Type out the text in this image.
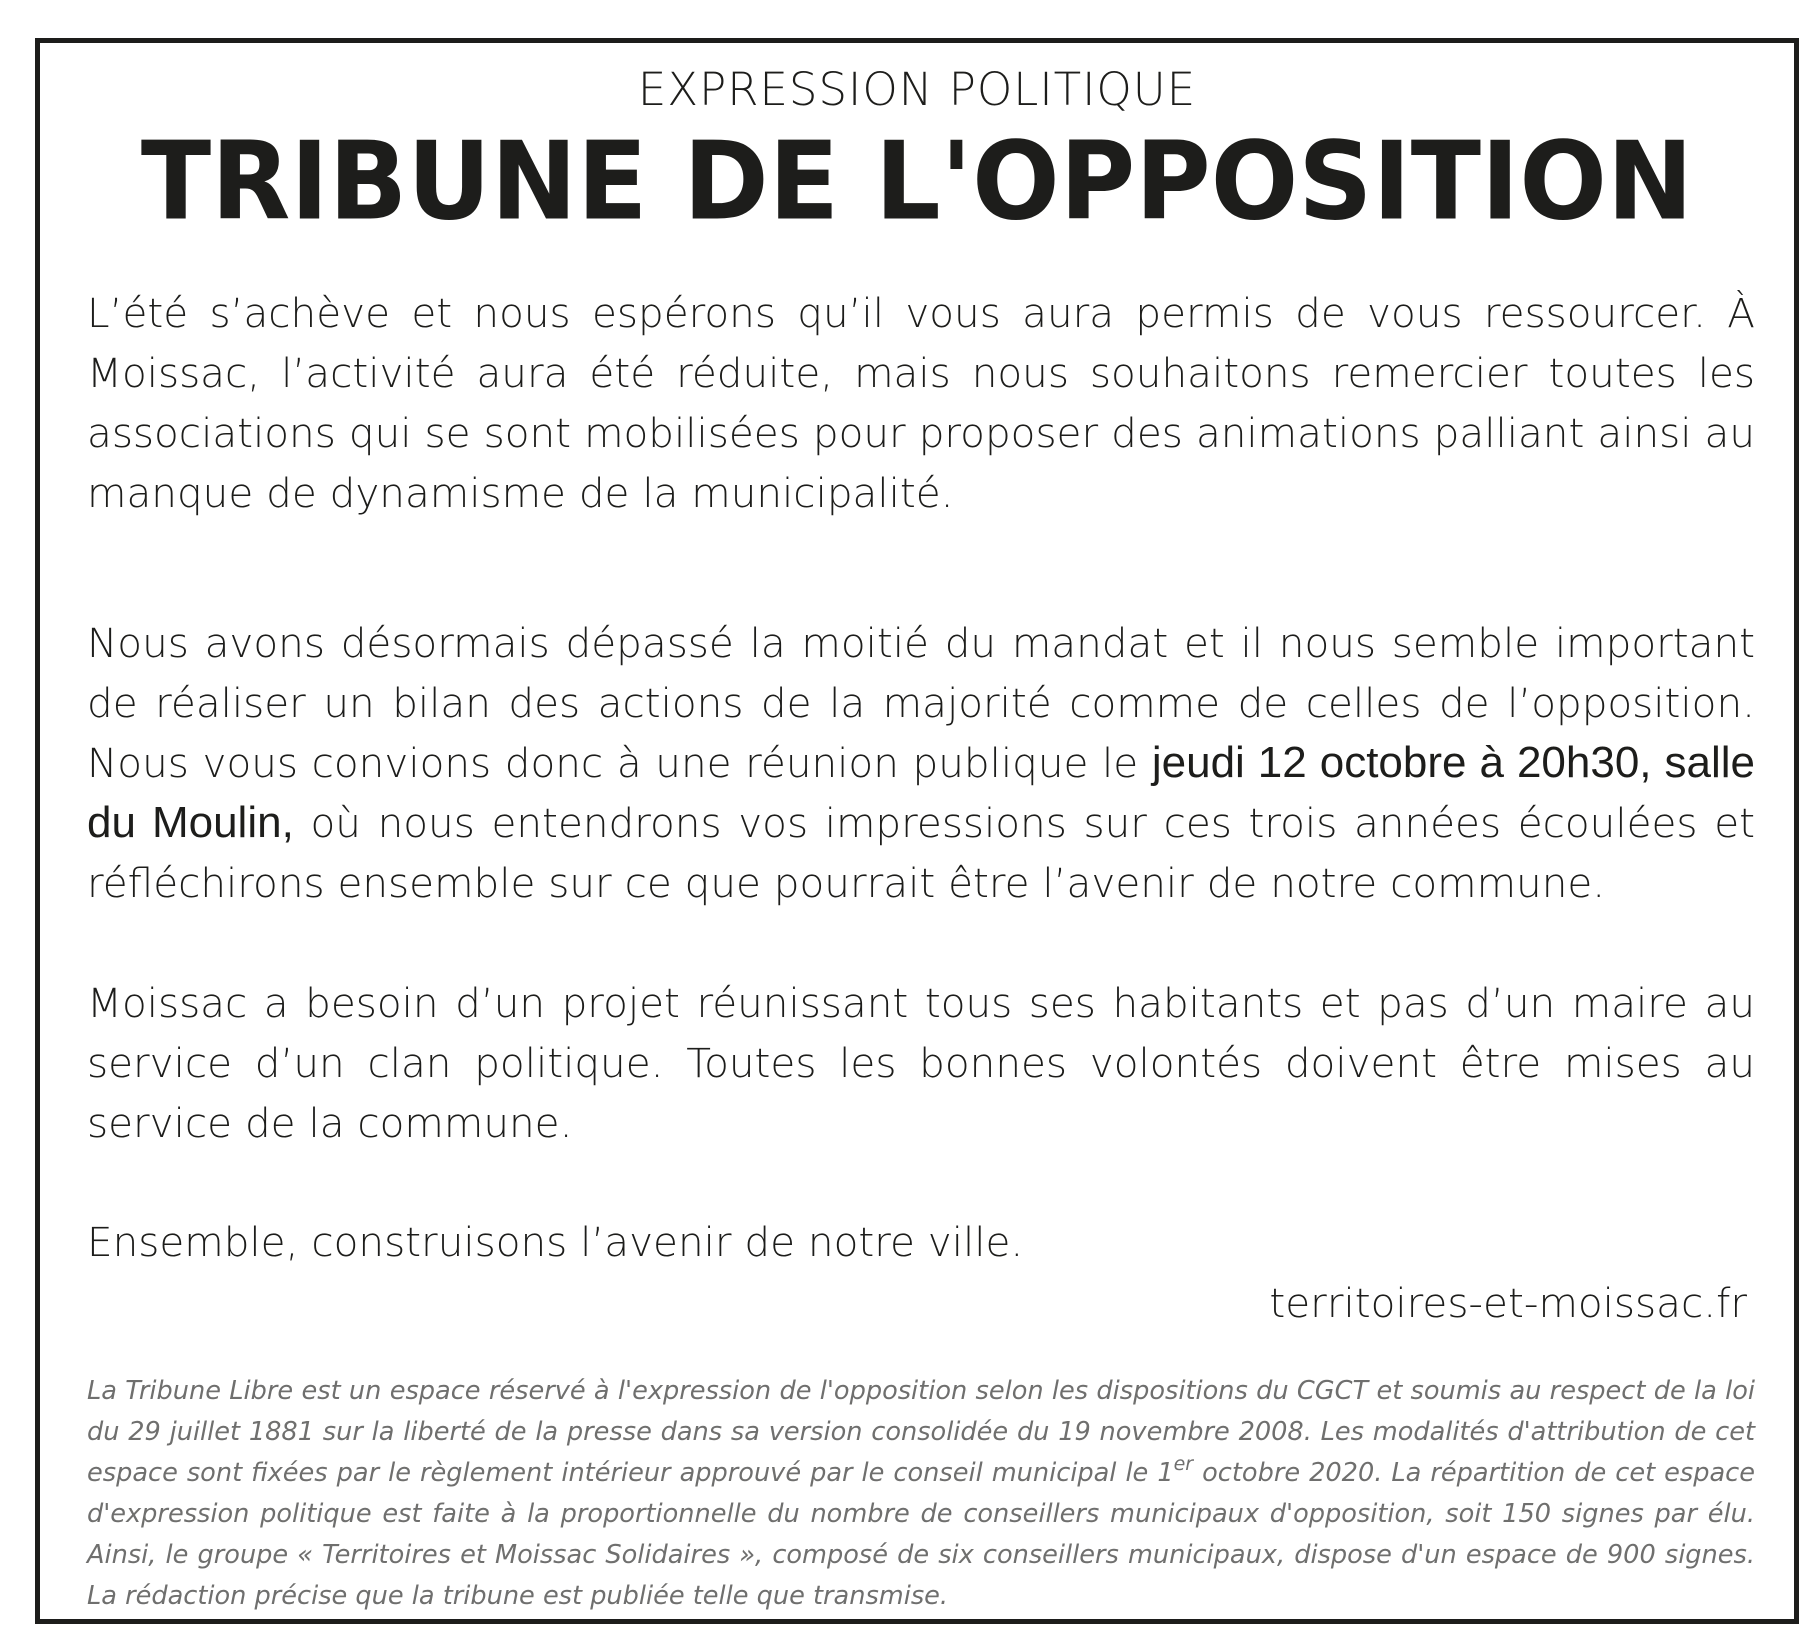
EXPRESSION POLITIQUE
TRIBUNE DE L'OPPOSITION

L’été s’achève et nous espérons qu’il vous aura permis de vous ressourcer. À Moissac, l’activité aura été réduite, mais nous souhaitons remercier toutes les associations qui se sont mobilisées pour proposer des animations palliant ainsi au manque de dynamisme de la municipalité.

Nous avons désormais dépassé la moitié du mandat et il nous semble important de réaliser un bilan des actions de la majorité comme de celles de l’opposition. Nous vous convions donc à une réunion publique le jeudi 12 octobre à 20h30, salle du Moulin, où nous entendrons vos impressions sur ces trois années écoulées et réfléchirons ensemble sur ce que pourrait être l’avenir de notre commune.

Moissac a besoin d’un projet réunissant tous ses habitants et pas d’un maire au service d’un clan politique. Toutes les bonnes volontés doivent être mises au service de la commune.

Ensemble, construisons l’avenir de notre ville.

territoires-et-moissac.fr

La Tribune Libre est un espace réservé à l'expression de l'opposition selon les dispositions du CGCT et soumis au respect de la loi du 29 juillet 1881 sur la liberté de la presse dans sa version consolidée du 19 novembre 2008. Les modalités d'attribution de cet espace sont fixées par le règlement intérieur approuvé par le conseil municipal le 1er octobre 2020. La répartition de cet espace d'expression politique est faite à la proportionnelle du nombre de conseillers municipaux d'opposition, soit 150 signes par élu. Ainsi, le groupe « Territoires et Moissac Solidaires », composé de six conseillers municipaux, dispose d'un espace de 900 signes. La rédaction précise que la tribune est publiée telle que transmise.
